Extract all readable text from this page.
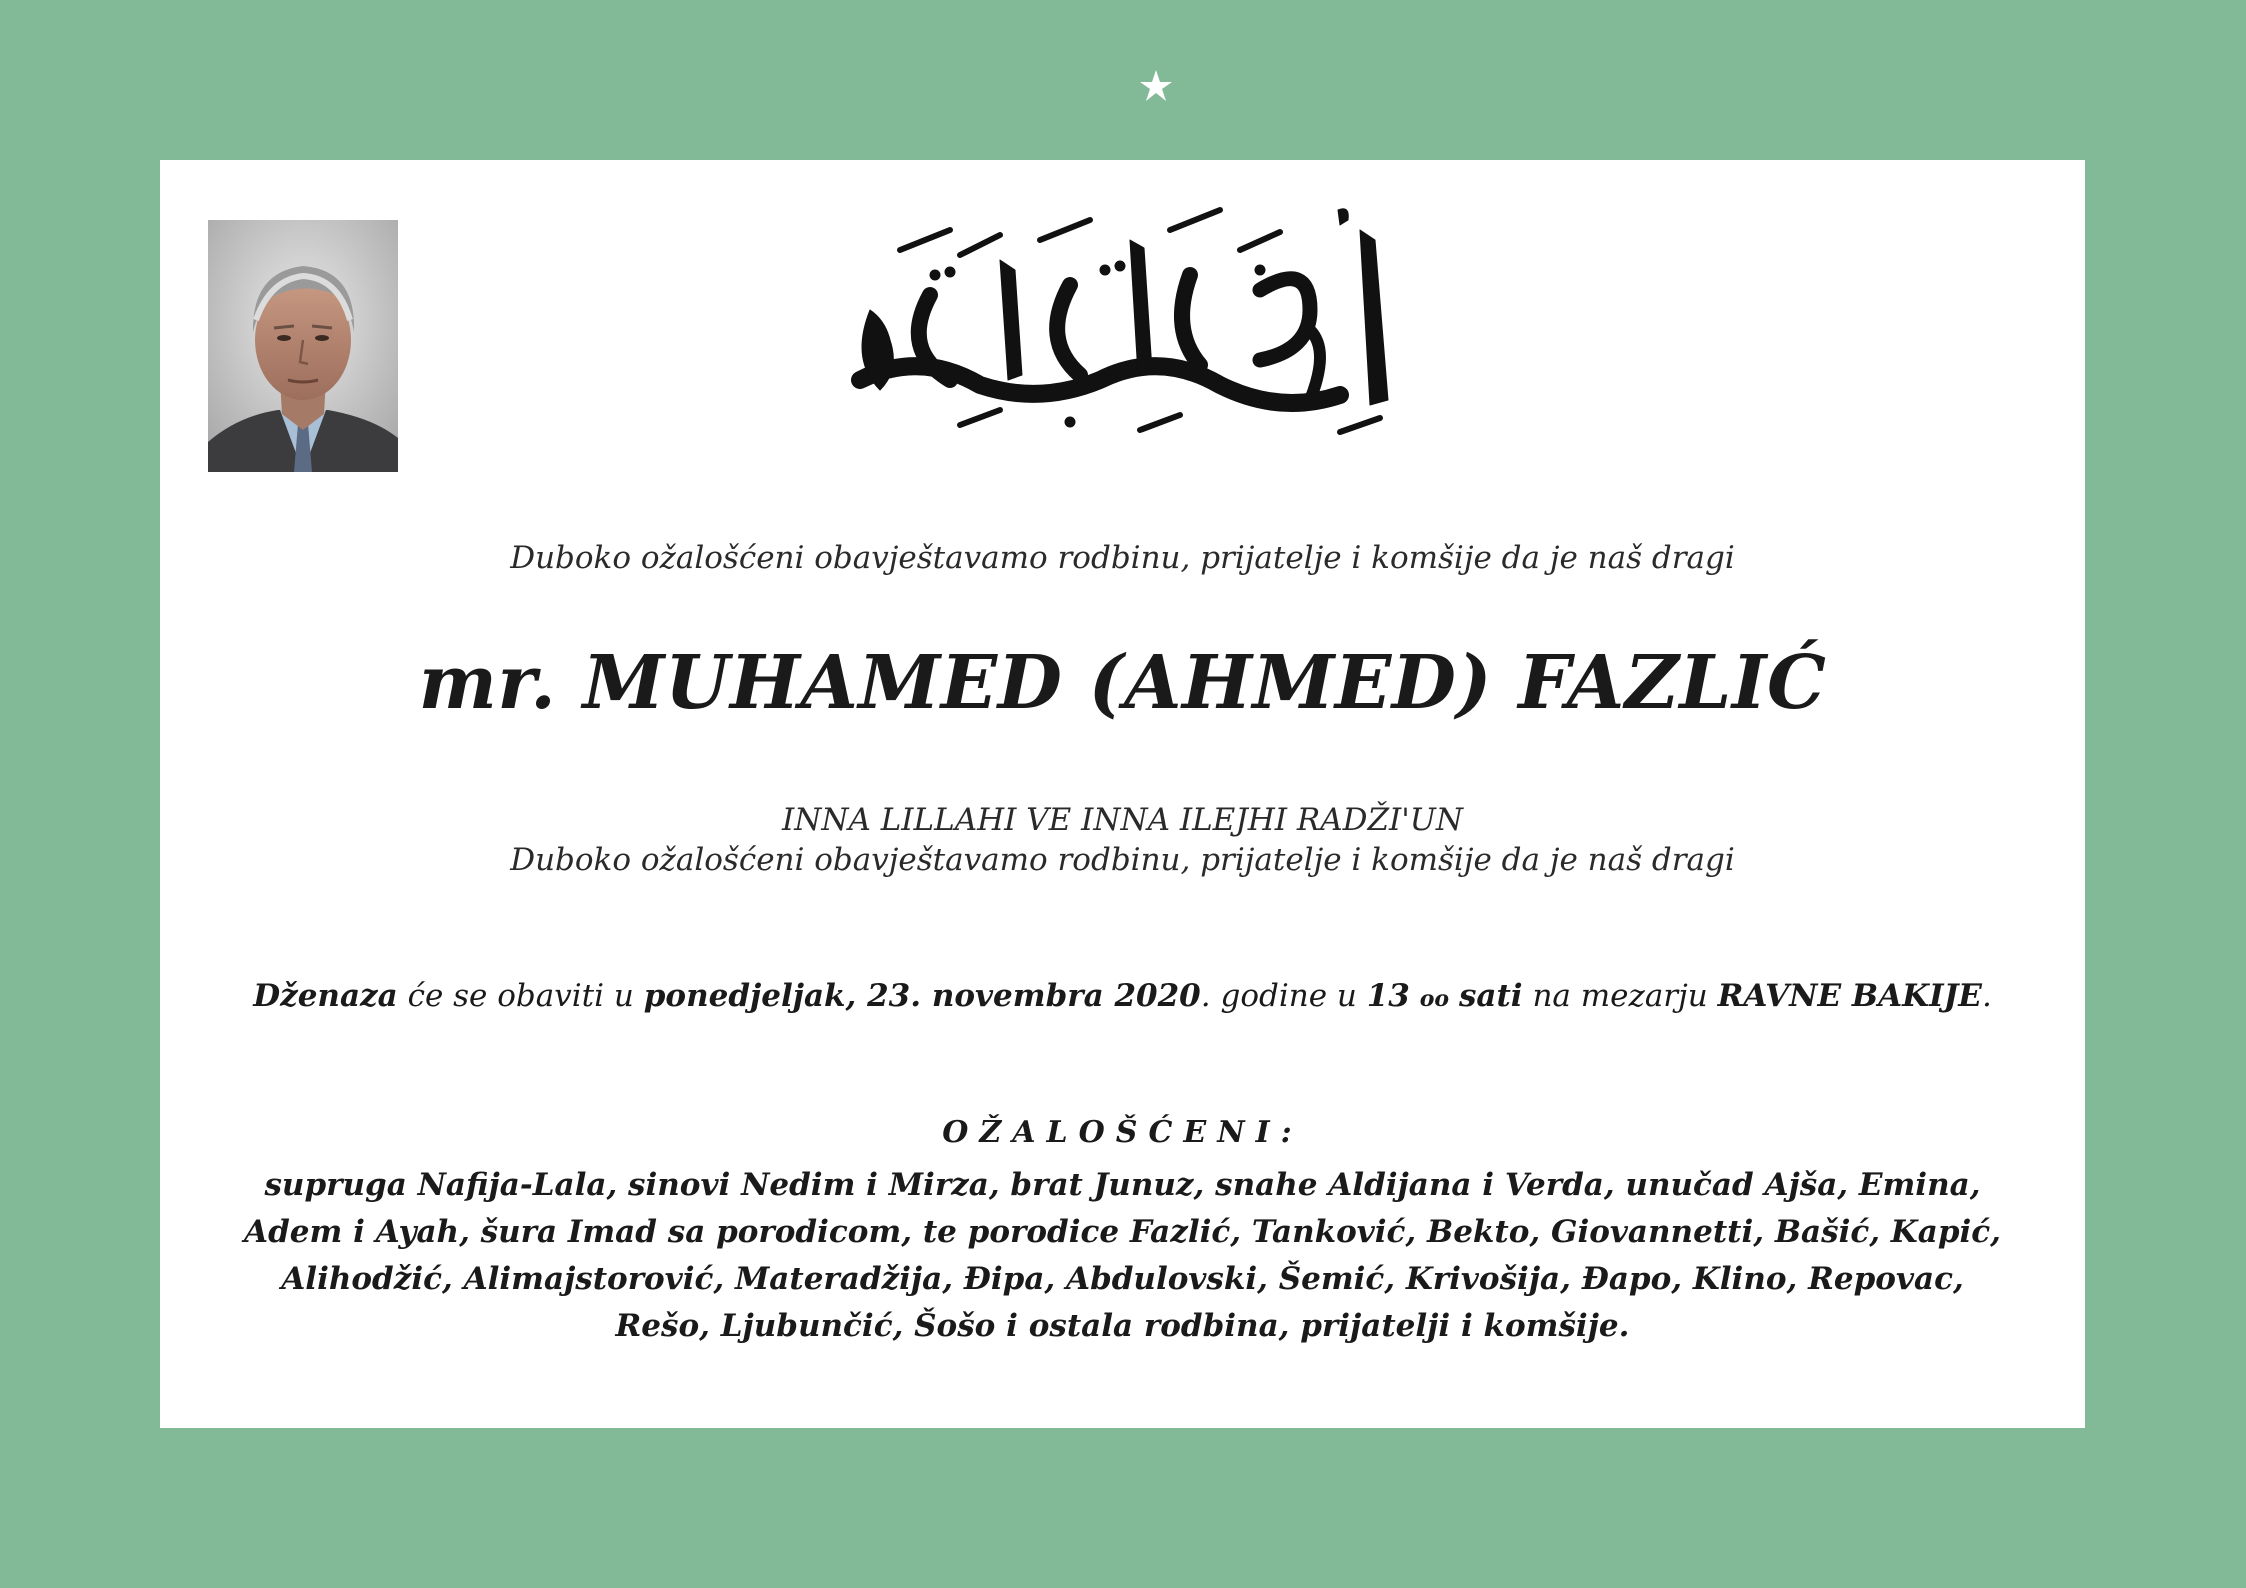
Duboko ožalošćeni obavještavamo rodbinu, prijatelje i komšije da je naš dragi
mr. MUHAMED (AHMED) FAZLIĆ
INNA LILLAHI VE INNA ILEJHI RADŽI'UN
Duboko ožalošćeni obavještavamo rodbinu, prijatelje i komšije da je naš dragi
Dženaza će se obaviti u ponedjeljak, 23. novembra 2020. godine u 13 oo sati na mezarju RAVNE BAKIJE.
OŽALOŠĆENI:
supruga Nafija-Lala, sinovi Nedim i Mirza, brat Junuz, snahe Aldijana i Verda, unučad Ajša, Emina,
Adem i Ayah, šura Imad sa porodicom, te porodice Fazlić, Tanković, Bekto, Giovannetti, Bašić, Kapić,
Alihodžić, Alimajstorović, Materadžija, Đipa, Abdulovski, Šemić, Krivošija, Đapo, Klino, Repovac,
Rešo, Ljubunčić, Šošo i ostala rodbina, prijatelji i komšije.
